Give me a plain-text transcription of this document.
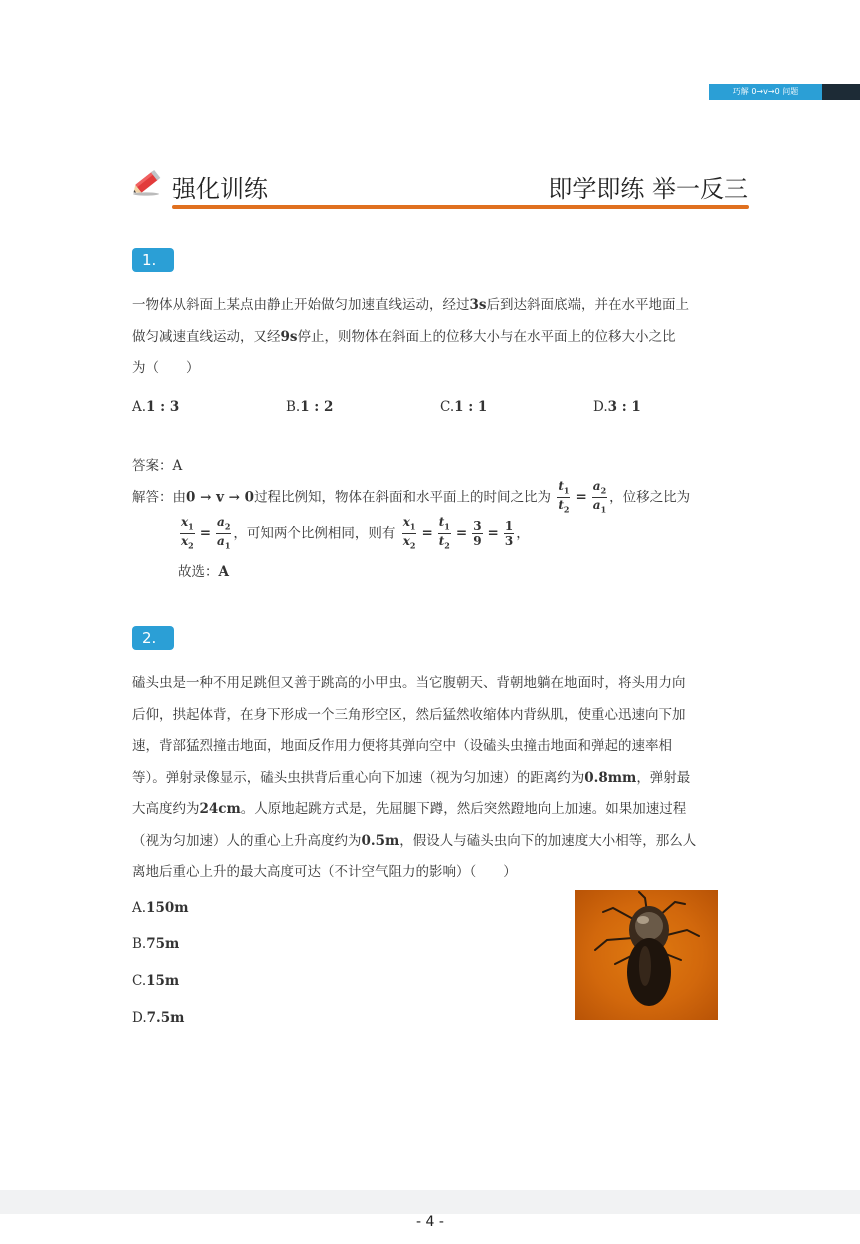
巧解 0→v→0 问题
强化训练	即学即练 举一反三
1.
一物体从斜面上某点由静止开始做匀加速直线运动，经过3s后到达斜面底端，并在水平地面上
做匀减速直线运动，又经9s停止，则物体在斜面上的位移大小与在水平面上的位移大小之比
为（　　）
A.1 : 3	B.1 : 2	C.1 : 1	D.3 : 1
答案：A
解答：由0 → v → 0过程比例知，物体在斜面和水平面上的时间之比为 $\frac{t_1}{t_2} = \frac{a_2}{a_1}$ ，位移之比为
$\frac{x_1}{x_2} = \frac{a_2}{a_1}$ ，可知两个比例相同，则有 $\frac{x_1}{x_2} = \frac{t_1}{t_2} = \frac{3}{9} = \frac{1}{3}$ ，
故选：A
2.
磕头虫是一种不用足跳但又善于跳高的小甲虫。当它腹朝天、背朝地躺在地面时，将头用力向
后仰，拱起体背，在身下形成一个三角形空区，然后猛然收缩体内背纵肌，使重心迅速向下加
速，背部猛烈撞击地面，地面反作用力便将其弹向空中（设磕头虫撞击地面和弹起的速率相
等）。弹射录像显示，磕头虫拱背后重心向下加速（视为匀加速）的距离约为0.8mm，弹射最
大高度约为24cm。人原地起跳方式是，先屈腿下蹲，然后突然蹬地向上加速。如果加速过程
（视为匀加速）人的重心上升高度约为0.5m，假设人与磕头虫向下的加速度大小相等，那么人
离地后重心上升的最大高度可达（不计空气阻力的影响）（　　）
A.150m
B.75m
C.15m
D.7.5m
- 4 -
